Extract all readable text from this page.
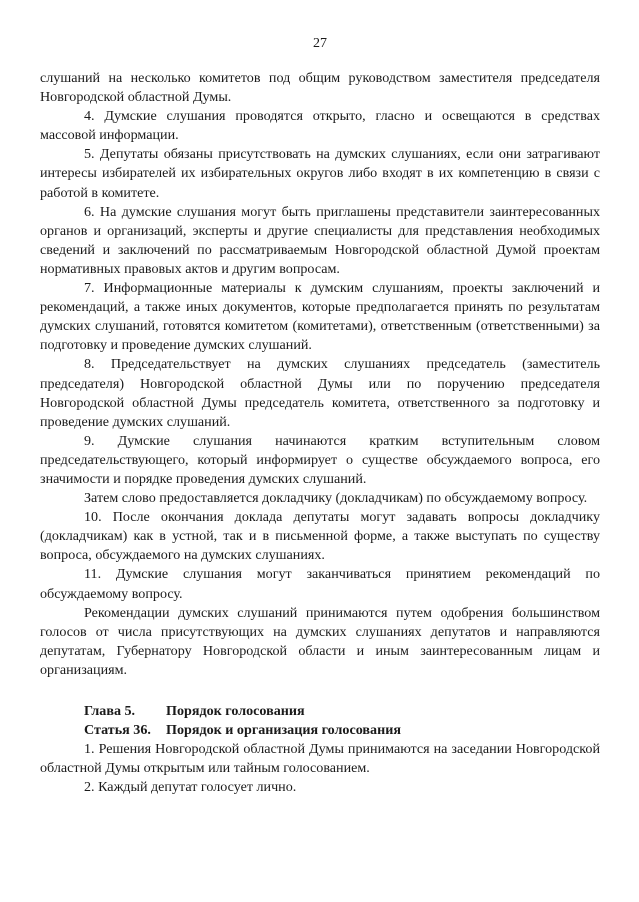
27

слушаний на несколько комитетов под общим руководством заместителя председателя Новгородской областной Думы.

4. Думские слушания проводятся открыто, гласно и освещаются в средствах массовой информации.

5. Депутаты обязаны присутствовать на думских слушаниях, если они затрагивают интересы избирателей их избирательных округов либо входят в их компетенцию в связи с работой в комитете.

6. На думские слушания могут быть приглашены представители заинтересованных органов и организаций, эксперты и другие специалисты для представления необходимых сведений и заключений по рассматриваемым Новгородской областной Думой проектам нормативных правовых актов и другим вопросам.

7. Информационные материалы к думским слушаниям, проекты заключений и рекомендаций, а также иных документов, которые предполагается принять по результатам думских слушаний, готовятся комитетом (комитетами), ответственным (ответственными) за подготовку и проведение думских слушаний.

8. Председательствует на думских слушаниях председатель (заместитель председателя) Новгородской областной Думы или по поручению председателя Новгородской областной Думы председатель комитета, ответственного за подготовку и проведение думских слушаний.

9. Думские слушания начинаются кратким вступительным словом председательствующего, который информирует о существе обсуждаемого вопроса, его значимости и порядке проведения думских слушаний.

Затем слово предоставляется докладчику (докладчикам) по обсуждаемому вопросу.

10. После окончания доклада депутаты могут задавать вопросы докладчику (докладчикам) как в устной, так и в письменной форме, а также выступать по существу вопроса, обсуждаемого на думских слушаниях.

11. Думские слушания могут заканчиваться принятием рекомендаций по обсуждаемому вопросу.

Рекомендации думских слушаний принимаются путем одобрения большинством голосов от числа присутствующих на думских слушаниях депутатов и направляются депутатам, Губернатору Новгородской области и иным заинтересованным лицам и организациям.

Глава 5. Порядок голосования

Статья 36. Порядок и организация голосования

1. Решения Новгородской областной Думы принимаются на заседании Новгородской областной Думы открытым или тайным голосованием.

2. Каждый депутат голосует лично.
